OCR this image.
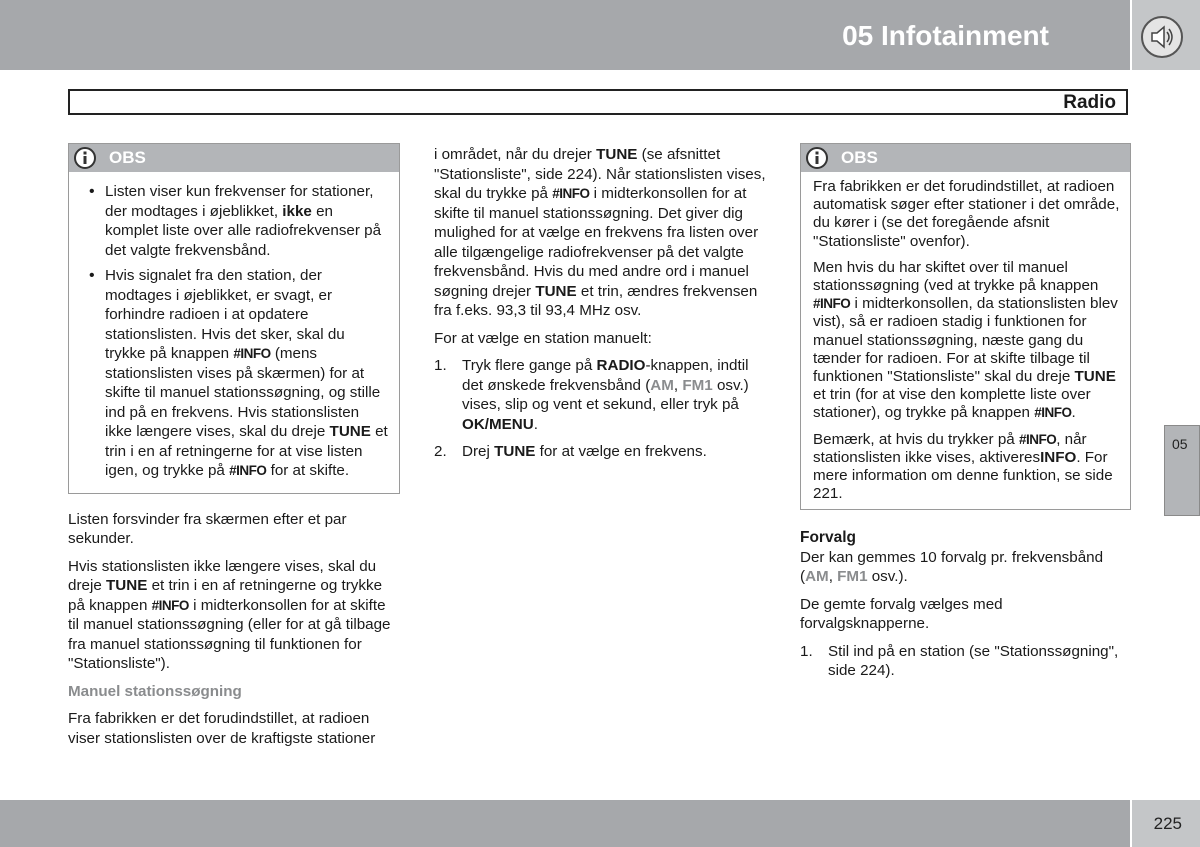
05 Infotainment
Radio
OBS
• Listen viser kun frekvenser for stationer, der modtages i øjeblikket, ikke en komplet liste over alle radiofrekvenser på det valgte frekvensbånd.
• Hvis signalet fra den station, der modtages i øjeblikket, er svagt, er forhindre radioen i at opdatere stationslisten. Hvis det sker, skal du trykke på knappen #INFO (mens stationslisten vises på skærmen) for at skifte til manuel stationssøgning, og stille ind på en frekvens. Hvis stationslisten ikke længere vises, skal du dreje TUNE et trin i en af retningerne for at vise listen igen, og trykke på #INFO for at skifte.

Listen forsvinder fra skærmen efter et par sekunder.

Hvis stationslisten ikke længere vises, skal du dreje TUNE et trin i en af retningerne og trykke på knappen #INFO i midterkonsollen for at skifte til manuel stationssøgning (eller for at gå tilbage fra manuel stationssøgning til funktionen for "Stationsliste").

Manuel stationssøgning

Fra fabrikken er det forudindstillet, at radioen viser stationslisten over de kraftigste stationer

i området, når du drejer TUNE (se afsnittet "Stationsliste", side 224). Når stationslisten vises, skal du trykke på #INFO i midterkonsollen for at skifte til manuel stationssøgning. Det giver dig mulighed for at vælge en frekvens fra listen over alle tilgængelige radiofrekvenser på det valgte frekvensbånd. Hvis du med andre ord i manuel søgning drejer TUNE et trin, ændres frekvensen fra f.eks. 93,3 til 93,4 MHz osv.

For at vælge en station manuelt:

1. Tryk flere gange på RADIO-knappen, indtil det ønskede frekvensbånd (AM, FM1 osv.) vises, slip og vent et sekund, eller tryk på OK/MENU.
2. Drej TUNE for at vælge en frekvens.
OBS

Fra fabrikken er det forudindstillet, at radioen automatisk søger efter stationer i det område, du kører i (se det foregående afsnit "Stationsliste" ovenfor).

Men hvis du har skiftet over til manuel stationssøgning (ved at trykke på knappen #INFO i midterkonsollen, da stationslisten blev vist), så er radioen stadig i funktionen for manuel stationssøgning, næste gang du tænder for radioen. For at skifte tilbage til funktionen "Stationsliste" skal du dreje TUNE et trin (for at vise den komplette liste over stationer), og trykke på knappen #INFO.

Bemærk, at hvis du trykker på #INFO, når stationslisten ikke vises, aktiveresINFO. For mere information om denne funktion, se side 221.

Forvalg

Der kan gemmes 10 forvalg pr. frekvensbånd (AM, FM1 osv.).

De gemte forvalg vælges med forvalgsknapperne.

1. Stil ind på en station (se "Stationssøgning", side 224).
05
225
